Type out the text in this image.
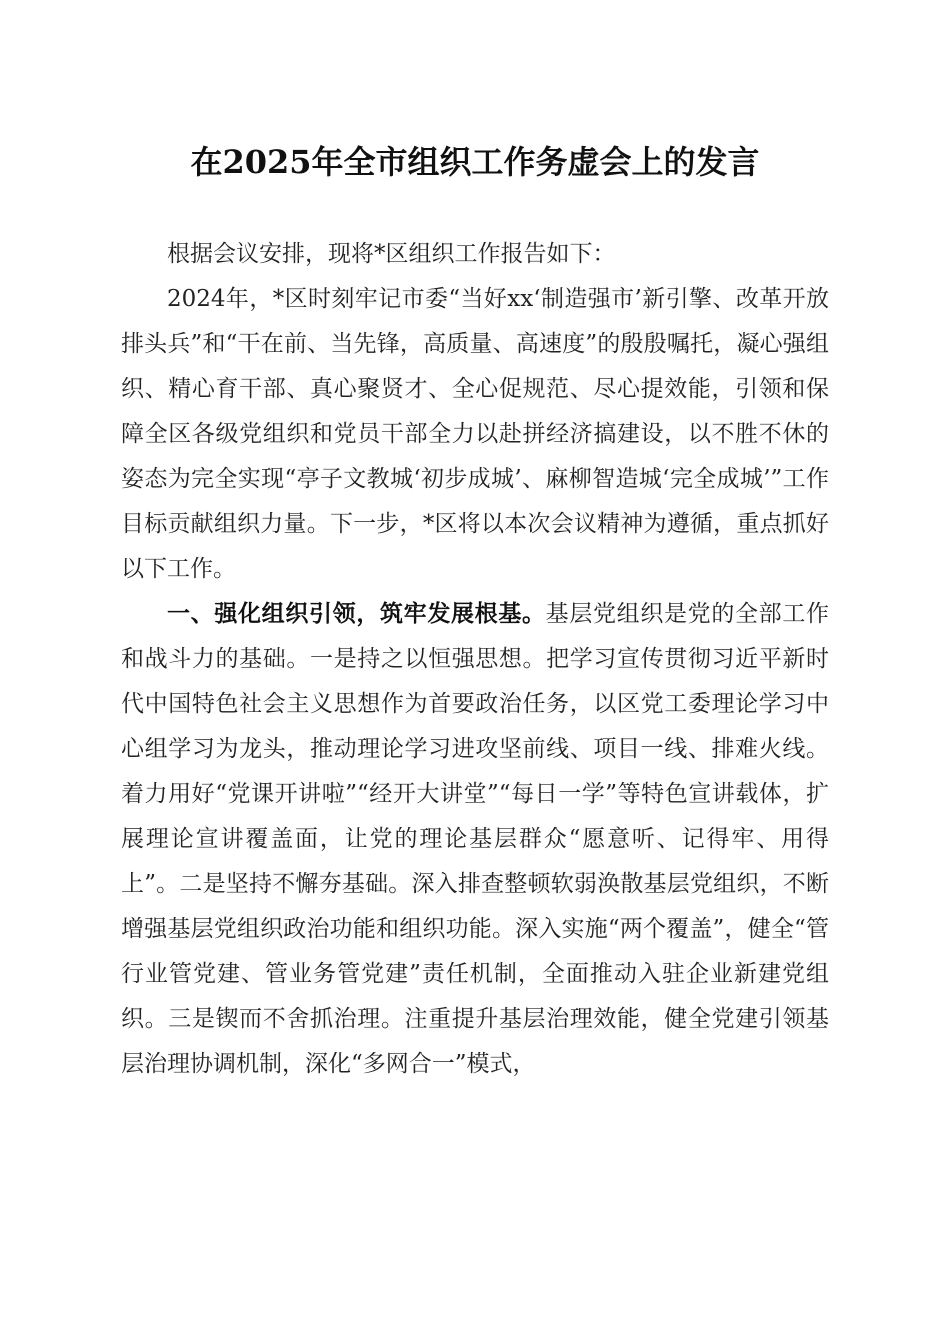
在2025年全市组织工作务虚会上的发言

根据会议安排，现将*区组织工作报告如下：

2024年，*区时刻牢记市委“当好xx‘制造强市’新引擎、改革开放排头兵”和“干在前、当先锋，高质量、高速度”的殷殷嘱托，凝心强组织、精心育干部、真心聚贤才、全心促规范、尽心提效能，引领和保障全区各级党组织和党员干部全力以赴拼经济搞建设，以不胜不休的姿态为完全实现“亭子文教城‘初步成城’、麻柳智造城‘完全成城’”工作目标贡献组织力量。下一步，*区将以本次会议精神为遵循，重点抓好以下工作。

一、强化组织引领，筑牢发展根基。基层党组织是党的全部工作和战斗力的基础。一是持之以恒强思想。把学习宣传贯彻习近平新时代中国特色社会主义思想作为首要政治任务，以区党工委理论学习中心组学习为龙头，推动理论学习进攻坚前线、项目一线、排难火线。着力用好“党课开讲啦”“经开大讲堂”“每日一学”等特色宣讲载体，扩展理论宣讲覆盖面，让党的理论基层群众“愿意听、记得牢、用得上”。二是坚持不懈夯基础。深入排查整顿软弱涣散基层党组织，不断增强基层党组织政治功能和组织功能。深入实施“两个覆盖”，健全“管行业管党建、管业务管党建”责任机制，全面推动入驻企业新建党组织。三是锲而不舍抓治理。注重提升基层治理效能，健全党建引领基层治理协调机制，深化“多网合一”模式，
